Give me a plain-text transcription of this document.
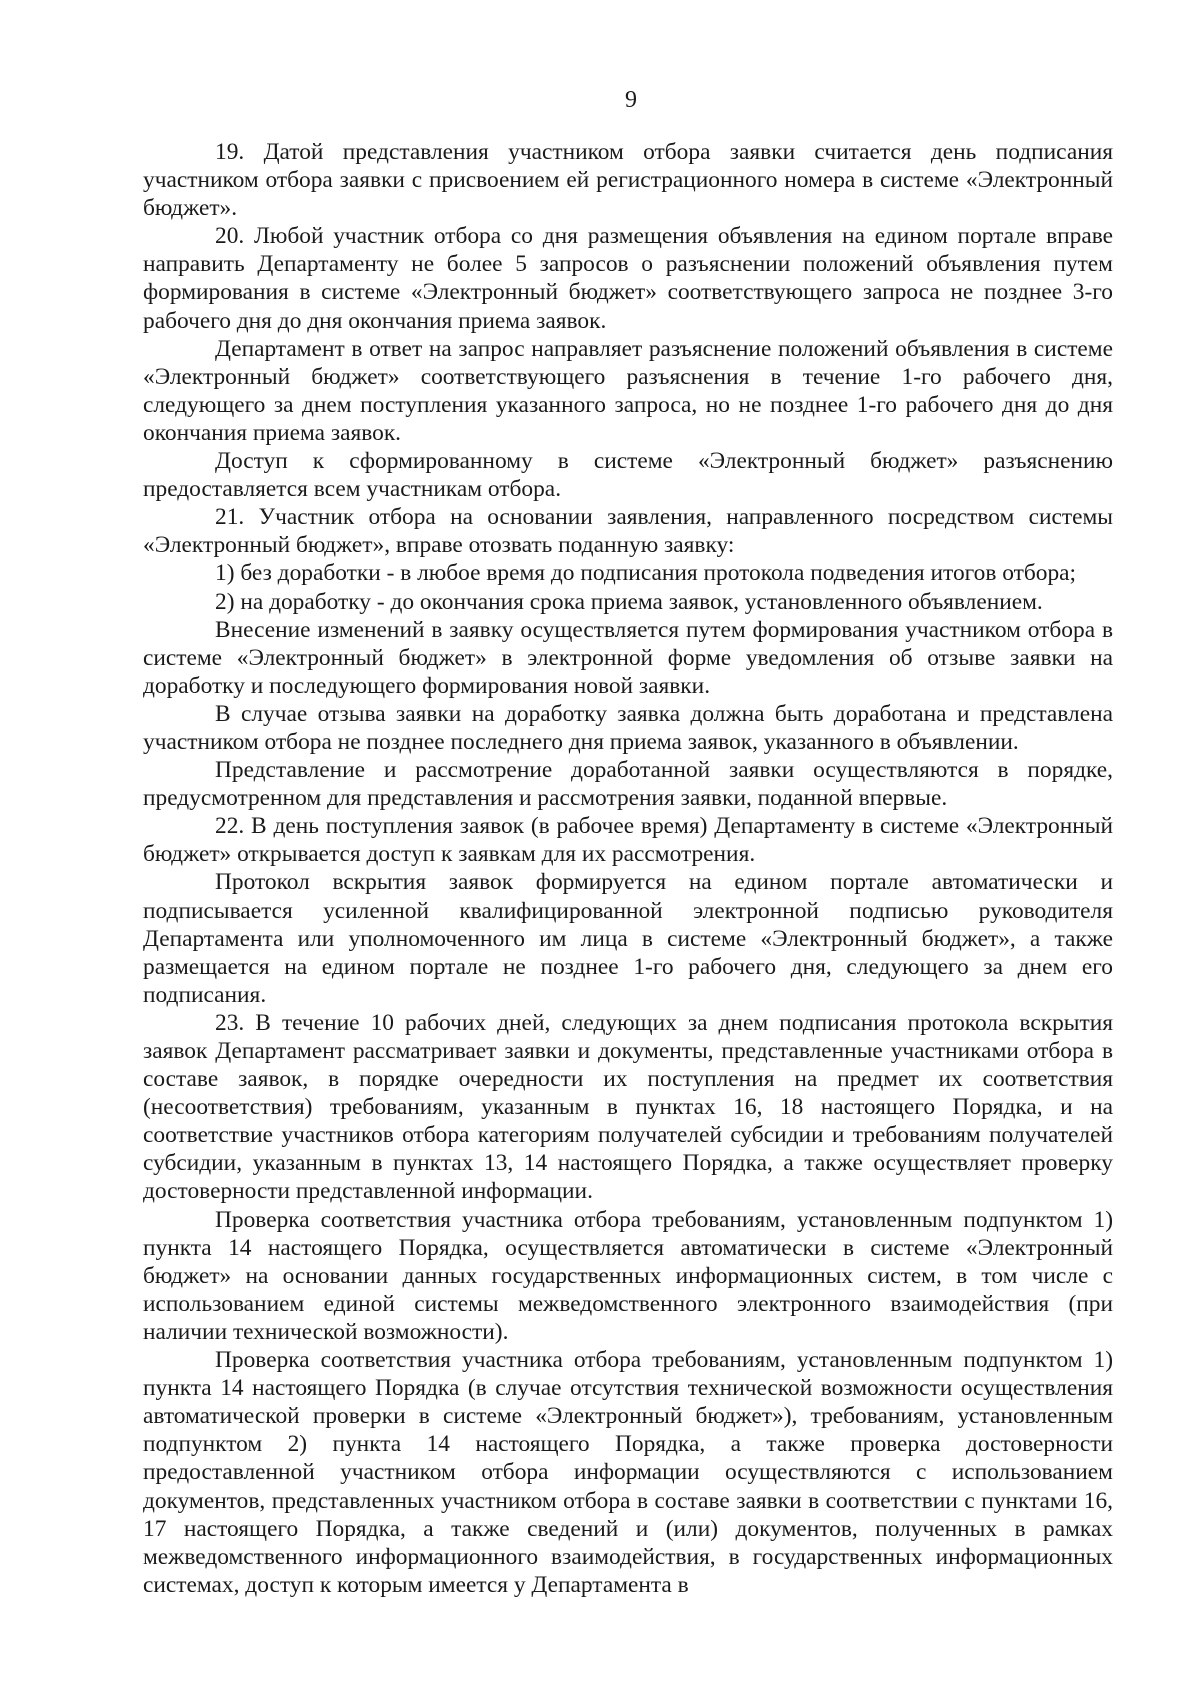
9

19. Датой представления участником отбора заявки считается день подписания участником отбора заявки с присвоением ей регистрационного номера в системе «Электронный бюджет».

20. Любой участник отбора со дня размещения объявления на едином портале вправе направить Департаменту не более 5 запросов о разъяснении положений объявления путем формирования в системе «Электронный бюджет» соответствующего запроса не позднее 3-го рабочего дня до дня окончания приема заявок.

Департамент в ответ на запрос направляет разъяснение положений объявления в системе «Электронный бюджет» соответствующего разъяснения в течение 1-го рабочего дня, следующего за днем поступления указанного запроса, но не позднее 1-го рабочего дня до дня окончания приема заявок.

Доступ к сформированному в системе «Электронный бюджет» разъяснению предоставляется всем участникам отбора.

21. Участник отбора на основании заявления, направленного посредством системы «Электронный бюджет», вправе отозвать поданную заявку:

1) без доработки - в любое время до подписания протокола подведения итогов отбора;

2) на доработку - до окончания срока приема заявок, установленного объявлением.

Внесение изменений в заявку осуществляется путем формирования участником отбора в системе «Электронный бюджет» в электронной форме уведомления об отзыве заявки на доработку и последующего формирования новой заявки.

В случае отзыва заявки на доработку заявка должна быть доработана и представлена участником отбора не позднее последнего дня приема заявок, указанного в объявлении.

Представление и рассмотрение доработанной заявки осуществляются в порядке, предусмотренном для представления и рассмотрения заявки, поданной впервые.

22. В день поступления заявок (в рабочее время) Департаменту в системе «Электронный бюджет» открывается доступ к заявкам для их рассмотрения.

Протокол вскрытия заявок формируется на едином портале автоматически и подписывается усиленной квалифицированной электронной подписью руководителя Департамента или уполномоченного им лица в системе «Электронный бюджет», а также размещается на едином портале не позднее 1-го рабочего дня, следующего за днем его подписания.

23. В течение 10 рабочих дней, следующих за днем подписания протокола вскрытия заявок Департамент рассматривает заявки и документы, представленные участниками отбора в составе заявок, в порядке очередности их поступления на предмет их соответствия (несоответствия) требованиям, указанным в пунктах 16, 18 настоящего Порядка, и на соответствие участников отбора категориям получателей субсидии и требованиям получателей субсидии, указанным в пунктах 13, 14 настоящего Порядка, а также осуществляет проверку достоверности представленной информации.

Проверка соответствия участника отбора требованиям, установленным подпунктом 1) пункта 14 настоящего Порядка, осуществляется автоматически в системе «Электронный бюджет» на основании данных государственных информационных систем, в том числе с использованием единой системы межведомственного электронного взаимодействия (при наличии технической возможности).

Проверка соответствия участника отбора требованиям, установленным подпунктом 1) пункта 14 настоящего Порядка (в случае отсутствия технической возможности осуществления автоматической проверки в системе «Электронный бюджет»), требованиям, установленным подпунктом 2) пункта 14 настоящего Порядка, а также проверка достоверности предоставленной участником отбора информации осуществляются с использованием документов, представленных участником отбора в составе заявки в соответствии с пунктами 16, 17 настоящего Порядка, а также сведений и (или) документов, полученных в рамках межведомственного информационного взаимодействия, в государственных информационных системах, доступ к которым имеется у Департамента в
